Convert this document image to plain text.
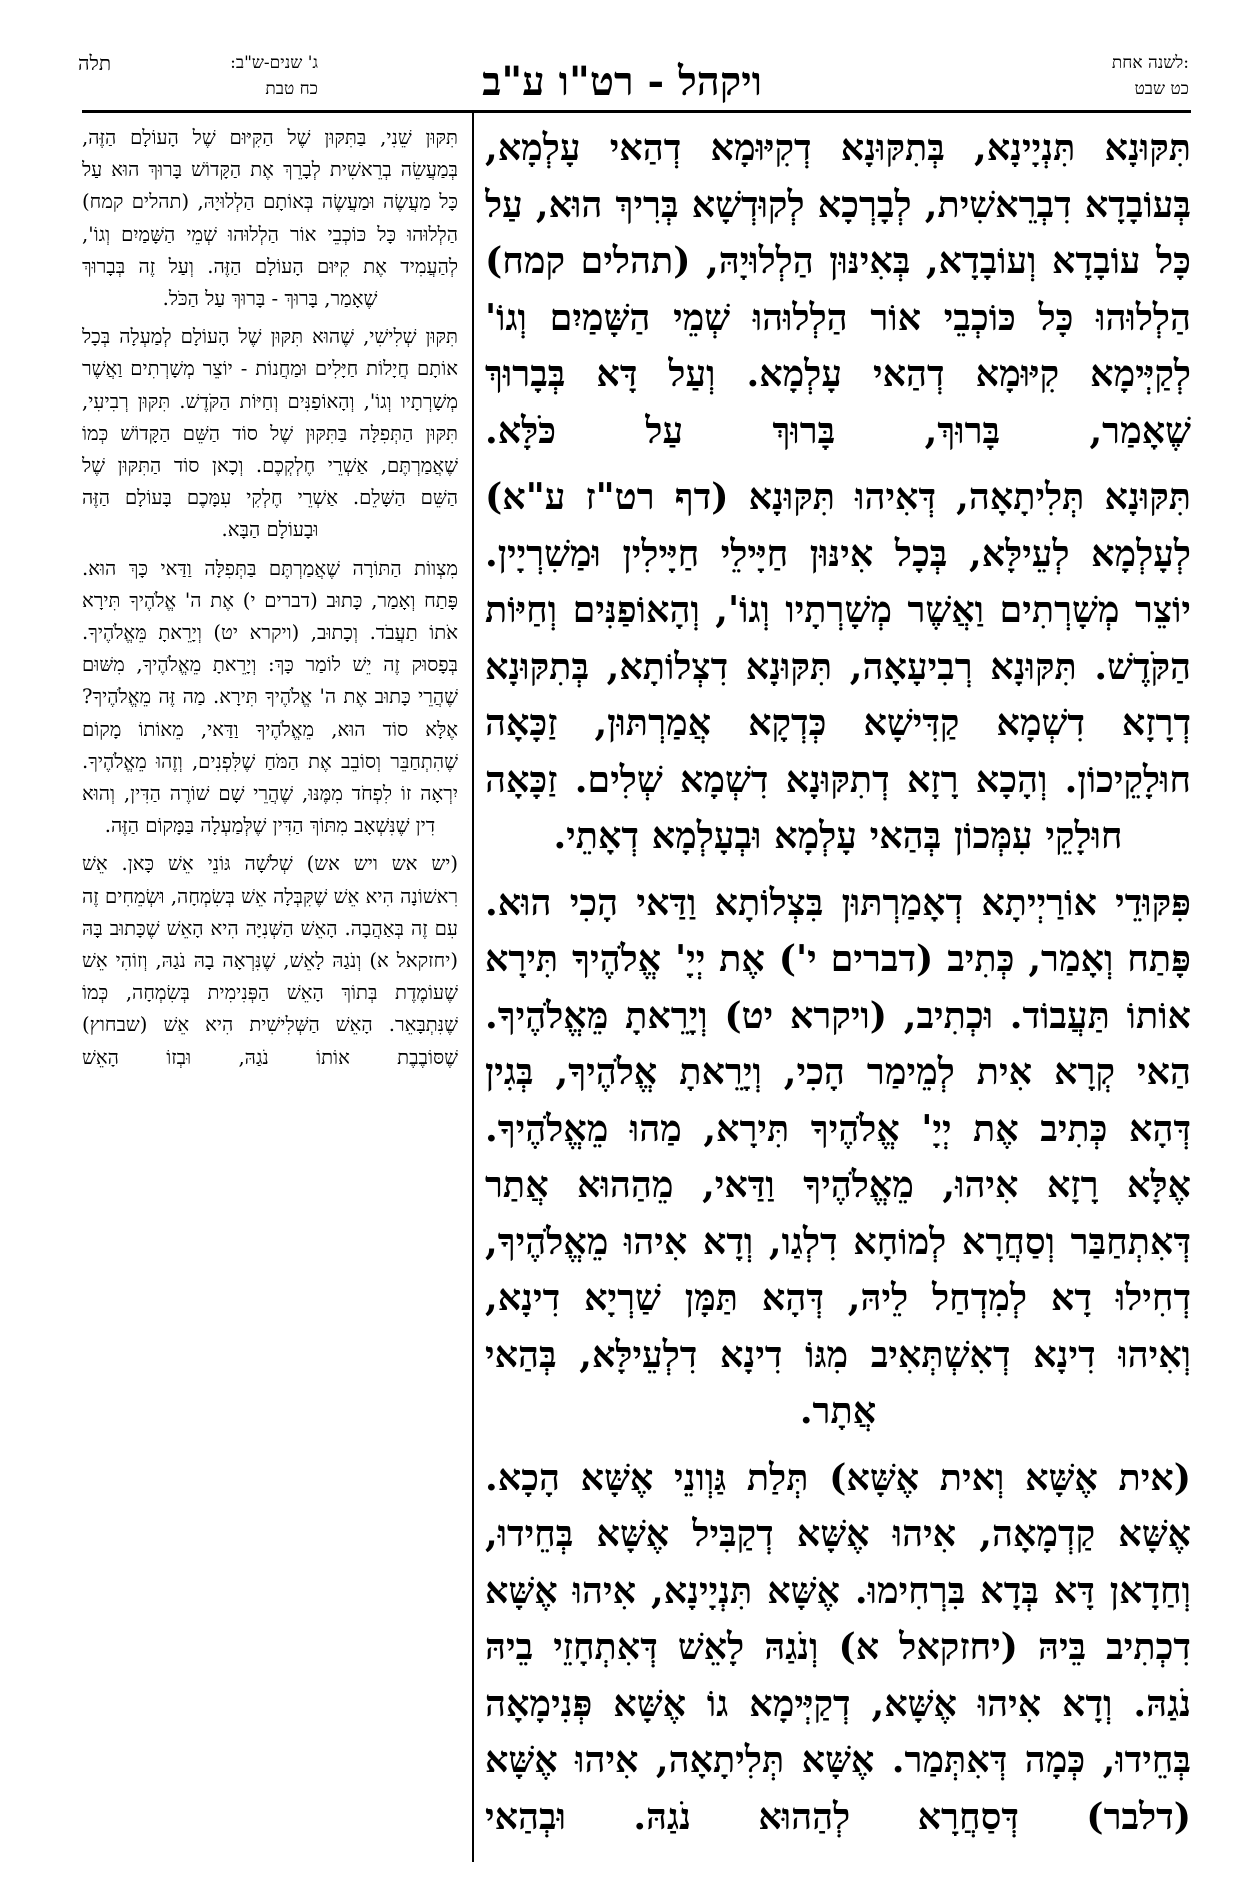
לשנה אחת:
כט שבט
ויקהל - רט"ו ע"ב
ג' שנים-ש"ב:
כח טבת
תלה

תִּקּוּנָא תִּנְיָינָא, בְּתִקּוּנָא דְקִיּוּמָא דְהַאי עָלְמָא, בְּעוֹבָדָא דִבְרֵאשִׁית, לְבָרְכָא לְקוּדְשָׁא בְּרִיךְ הוּא, עַל כָּל עוֹבָדָא וְעוֹבָדָא, בְּאִינּוּן הַלְלוּיָהּ, (תהלים קמח) הַלְלוּהוּ כָּל כּוֹכְבֵי אוֹר הַלְלוּהוּ שְׁמֵי הַשָּׁמַיִם וְגוֹ' לְקַיְּימָא קִיּוּמָא דְהַאי עָלְמָא. וְעַל דָּא בְּבָרוּךְ שֶׁאָמַר, בָּרוּךְ, בָּרוּךְ עַל כֹּלָּא.

תִּקּוּנָא תְּלִיתָאָה, דְּאִיהוּ תִּקּוּנָא (דף רט"ז ע"א) לְעָלְמָא לְעֵילָּא, בְּכָל אִינּוּן חַיָּילֵי חַיָּילִין וּמַשִׁרְיָין. יוֹצֵר מְשָׁרְתִים וַאֲשֶׁר מְשָׁרְתָיו וְגוֹ', וְהָאוֹפַנִּים וְחַיּוֹת הַקֹּדֶשׁ. תִּקּוּנָא רְבִיעָאָה, תִּקּוּנָא דִצְלוֹתָא, בְּתִקּוּנָא דְרָזָא דִשְׁמָא קַדִּישָׁא כְּדְקָא אֲמַרְתּוּן, זַכָּאָה חוּלָקֵיכוֹן. וְהָכָא רָזָא דְתִקּוּנָא דִשְׁמָא שְׁלִים. זַכָּאָה חוּלָקֵי עִמְּכוֹן בְּהַאי עָלְמָא וּבְעָלְמָא דְאָתֵי.

פִּקּוּדֵי אוֹרַיְיתָא דְאָמַרְתּוּן בִּצְלוֹתָא וַדַּאי הָכִי הוּא. פָּתַח וְאָמַר, כְּתִיב (דברים י') אֶת יְיָ' אֱלֹהֶיךָ תִּירָא אוֹתוֹ תַּעֲבוֹד. וּכְתִיב, (ויקרא יט) וְיָרֵאתָ מֵּאֱלֹהֶיךָ. הַאי קְרָא אִית לְמֵימַר הָכִי, וְיָרֵאתָ אֱלֹהֶיךָ, בְּגִין דְּהָא כְּתִיב אֶת יְיָ' אֱלֹהֶיךָ תִּירָא, מַהוּ מֵאֱלֹהֶיךָ. אֶלָּא רָזָא אִיהוּ, מֵאֱלֹהֶיךָ וַדַּאי, מֵהַהוּא אֲתַר דְּאִתְחַבַּר וְסַחֲרָא לְמוֹחָא דִלְגַו, וְדָא אִיהוּ מֵאֱלֹהֶיךָ, דְחִילוּ דָא לְמִדְחַל לֵיהּ, דְּהָא תַּמָּן שַׁרְיָא דִינָא, וְאִיהוּ דִינָא דְאִשְׁתְּאִיב מִגּוֹ דִינָא דִלְעֵילָּא, בְּהַאי אֲתָר.

(אית אֶשָּׁא וְאית אֶשָּׁא) תְּלַת גַּוְונֵי אֶשָּׁא הָכָא. אֶשָּׁא קַדְמָאָה, אִיהוּ אֶשָּׁא דְקַבִּיל אֶשָּׁא בְּחֵידוּ, וְחַדָאן דָּא בְּדָא בִּרְחִימוּ. אֶשָּׁא תִּנְיָינָא, אִיהוּ אֶשָּׁא דִכְתִיב בֵּיהּ (יחזקאל א) וְנֹגַהּ לָאֵשׁ דְּאִתְחָזֵי בֵיהּ נֹגַהּ. וְדָא אִיהוּ אֶשָּׁא, דְקַיְּימָא גוֹ אֶשָּׁא פְּנִימָאָה בְּחֵידוּ, כְּמָה דְּאִתְּמַר. אֶשָּׁא תְּלִיתָאָה, אִיהוּ אֶשָּׁא (דלבר) דְּסַחֲרָא לְהַהוּא נֹגַהּ. וּבְהַאי

תִּקּוּן שֵׁנִי, בַּתִּקּוּן שֶׁל הַקִּיּוּם שֶׁל הָעוֹלָם הַזֶּה, בְּמַעֲשֵׂה בְרֵאשִׁית לְבָרֵךְ אֶת הַקָּדוֹשׁ בָּרוּךְ הוּא עַל כָּל מַעֲשֶׂה וּמַעֲשֶׂה בְּאוֹתָם הַלְלוּיָהּ, (תהלים קמח) הַלְלוּהוּ כָּל כּוֹכְבֵי אוֹר הַלְלוּהוּ שְׁמֵי הַשָּׁמַיִם וְגוֹ', לְהַעֲמִיד אֶת קִיּוּם הָעוֹלָם הַזֶּה. וְעַל זֶה בְּבָרוּךְ שֶׁאָמַר, בָּרוּךְ - בָּרוּךְ עַל הַכֹּל.

תִּקּוּן שְׁלִישִׁי, שֶׁהוּא תִּקּוּן שֶׁל הָעוֹלָם לְמַעְלָה בְּכָל אוֹתָם חֲיָלוֹת חַיָּלִים וּמַחֲנוֹת - יוֹצֵר מְשָׁרְתִים וַאֲשֶׁר מְשָׁרְתָיו וְגוֹ', וְהָאוֹפַנִּים וְחַיּוֹת הַקֹּדֶשׁ. תִּקּוּן רְבִיעִי, תִּקּוּן הַתְּפִלָּה בַּתִּקּוּן שֶׁל סוֹד הַשֵּׁם הַקָּדוֹשׁ כְּמוֹ שֶׁאֲמַרְתֶּם, אַשְׁרֵי חֶלְקְכֶם. וְכָאן סוֹד הַתִּקּוּן שֶׁל הַשֵּׁם הַשָּׁלֵם. אַשְׁרֵי חֶלְקִי עִמָּכֶם בָּעוֹלָם הַזֶּה וּבָעוֹלָם הַבָּא.

מִצְווֹת הַתּוֹרָה שֶׁאֲמַרְתֶּם בַּתְּפִלָּה וַדַּאי כָּךְ הוּא. פָּתַח וְאָמַר, כָּתוּב (דברים י) אֶת ה' אֱלֹהֶיךָ תִּירָא אֹתוֹ תַעֲבֹד. וְכָתוּב, (ויקרא יט) וְיָרֵאתָ מֵּאֱלֹהֶיךָ. בְּפָסוּק זֶה יֵשׁ לוֹמַר כָּךְ: וְיָרֵאתָ מֵאֱלֹהֶיךָ, מִשּׁוּם שֶׁהֲרֵי כָּתוּב אֶת ה' אֱלֹהֶיךָ תִּירָא. מַה זֶּה מֵאֱלֹהֶיךָ? אֶלָּא סוֹד הוּא, מֵאֱלֹהֶיךָ וַדַּאי, מֵאוֹתוֹ מָקוֹם שֶׁהִתְחַבֵּר וְסוֹבֵב אֶת הַמֹּחַ שֶׁלִּפְנִים, וְזֶהוּ מֵאֱלֹהֶיךָ. יִרְאָה זוֹ לִפְחֹד מִמֶּנּוּ, שֶׁהֲרֵי שָׁם שׁוֹרֶה הַדִּין, וְהוּא דִין שֶׁנִּשְׁאָב מִתּוֹךְ הַדִּין שֶׁלְּמַעְלָה בַּמָּקוֹם הַזֶּה.

(יש אש ויש אש) שְׁלֹשָׁה גּוֹנֵי אֵשׁ כָּאן. אֵשׁ רִאשׁוֹנָה הִיא אֵשׁ שֶׁקִּבְּלָה אֵשׁ בְּשִׂמְחָה, וּשְׂמֵחִים זֶה עִם זֶה בְּאַהֲבָה. הָאֵשׁ הַשְּׁנִיָּה הִיא הָאֵשׁ שֶׁכָּתוּב בָּהּ (יחזקאל א) וְנֹגַהּ לָאֵשׁ, שֶׁנִּרְאָה בָהּ נֹגַהּ, וְזוֹהִי אֵשׁ שֶׁעוֹמֶדֶת בְּתוֹךְ הָאֵשׁ הַפְּנִימִית בְּשִׂמְחָה, כְּמוֹ שֶׁנִּתְבָּאֵר. הָאֵשׁ הַשְּׁלִישִׁית הִיא אֵשׁ (שבחוץ) שֶׁסּוֹבֶבֶת אוֹתוֹ נֹגַהּ, וּבְזוֹ הָאֵשׁ
